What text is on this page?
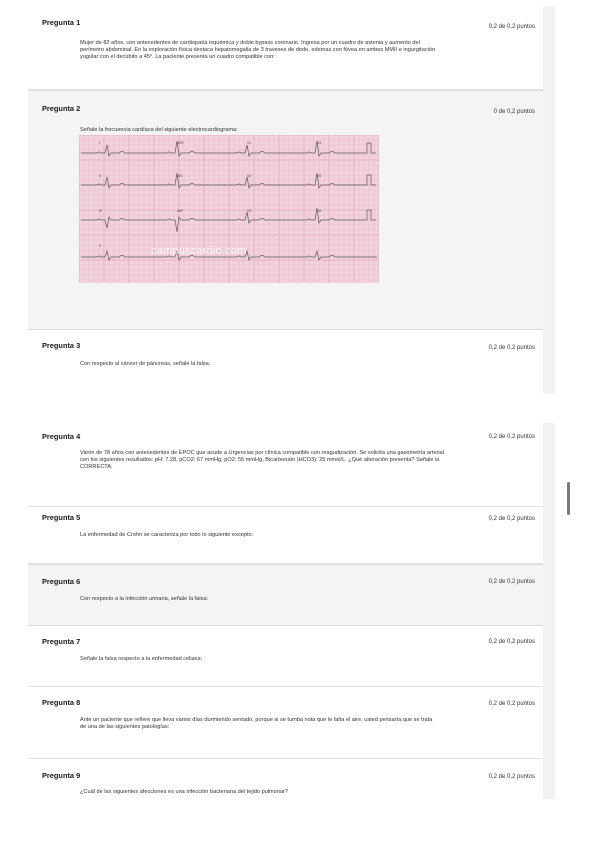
Pregunta 1	0,2 de 0,2 puntos
Mujer de 82 años, con antecedentes de cardiopatía isquémica y doble bypass coronario. Ingresa por un cuadro de astenia y aumento del
perímetro abdominal. En la exploración física destaca hepatomegalia de 3 traveses de dedo, edemas con fóvea en ambos MMII e ingurgitación
yugular con el decúbito a 45°. La paciente presenta un cuadro compatible con:
Pregunta 2	0 de 0,2 puntos
Señale la frecuencia cardíaca del siguiente electrocardiograma:
I	aVR	V1	V4
II	aVL	V2	V5
III	aVF	V3	V6
II	campuscardio.com
Pregunta 3	0,2 de 0,2 puntos
Con respecto al cáncer de páncreas, señale la falsa:
Pregunta 4	0,2 de 0,2 puntos
Varón de 78 años con antecedentes de EPOC que acude a Urgencias por clínica compatible con reagudización. Se solicita una gasometría arterial
con los siguientes resultados: pH: 7.28, pCO2: 67 mmHg, pO2: 55 mmHg, Bicarbonato (HCO3): 25 mmol/L. ¿Qué alteración presenta? Señale la
CORRECTA:
Pregunta 5	0,2 de 0,2 puntos
La enfermedad de Crohn se caracteriza por todo lo siguiente excepto:
Pregunta 6	0,2 de 0,2 puntos
Con respecto a la infección urinaria, señale la falsa:
Pregunta 7	0,2 de 0,2 puntos
Señale la falsa respecto a la enfermedad celiaca:
Pregunta 8	0,2 de 0,2 puntos
Ante un paciente que refiere que lleva varios días durmiendo sentado, porque si se tumba nota que le falta el aire, usted pensaría que se trata
de una de las siguientes patologías:
Pregunta 9	0,2 de 0,2 puntos
¿Cuál de las siguientes afecciones es una infección bacteriana del tejido pulmonar?
